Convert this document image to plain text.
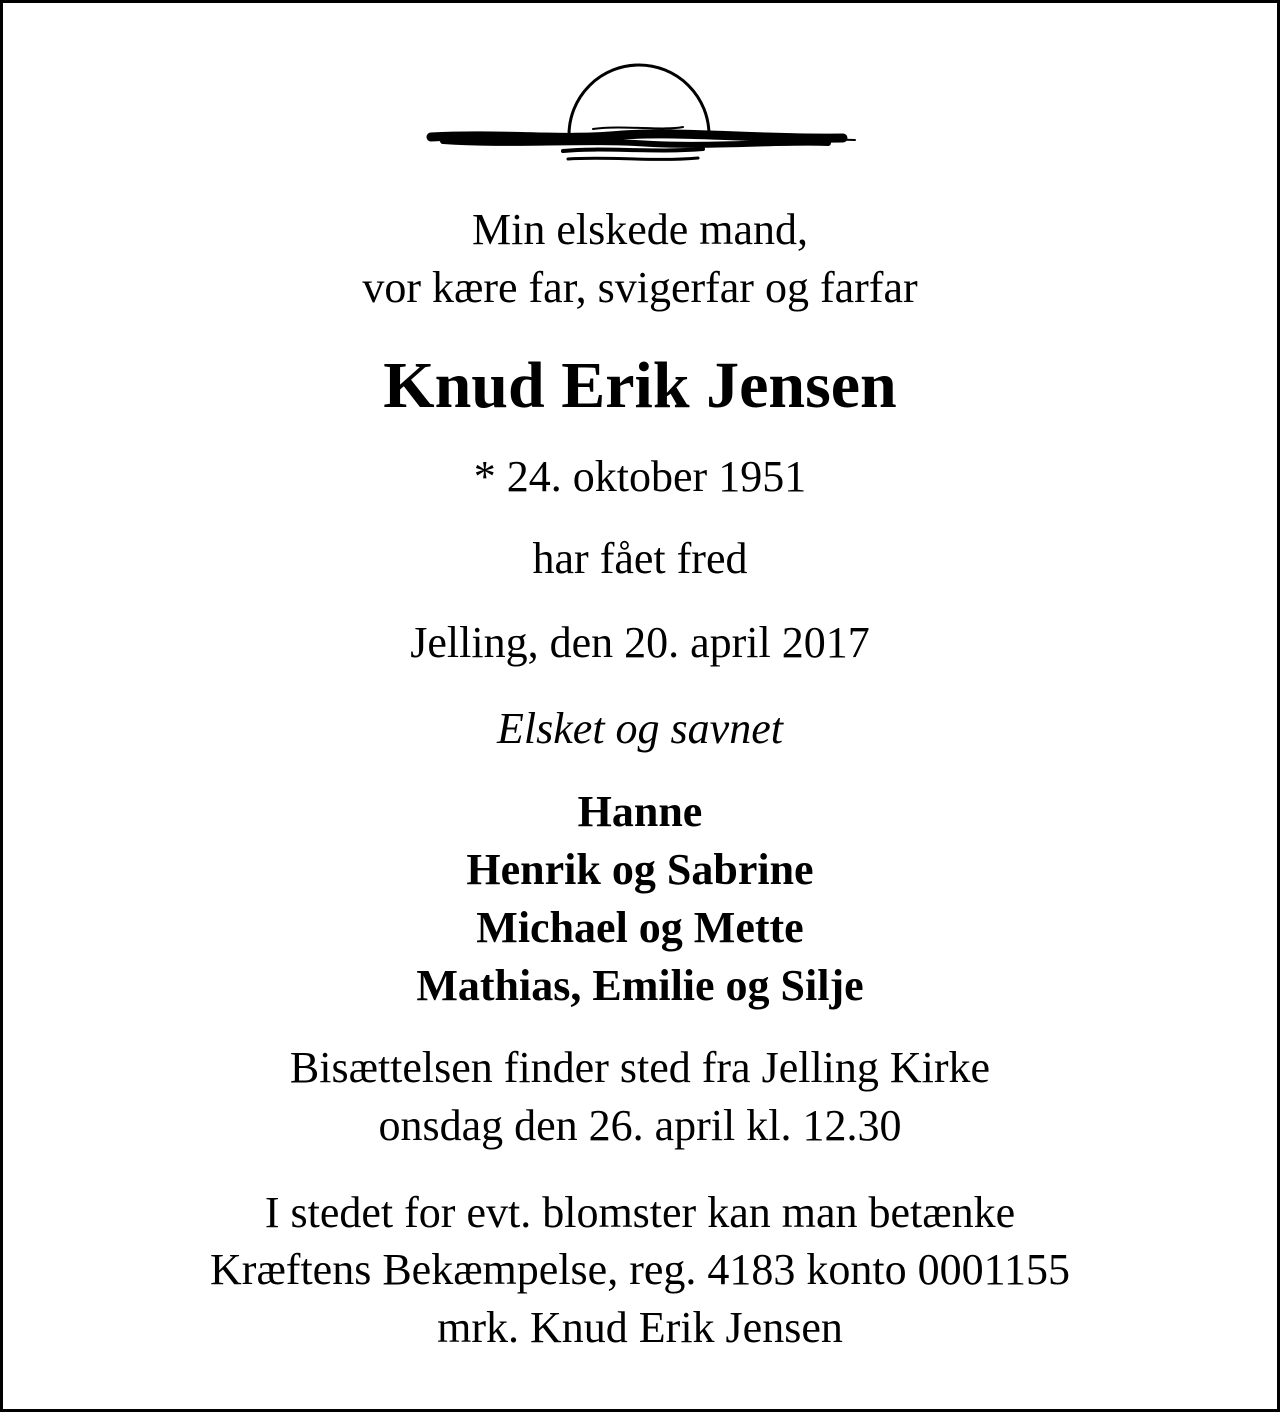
Min elskede mand,
vor kære far, svigerfar og farfar
Knud Erik Jensen
* 24. oktober 1951
har fået fred
Jelling, den 20. april 2017
Elsket og savnet
Hanne
Henrik og Sabrine
Michael og Mette
Mathias, Emilie og Silje
Bisættelsen finder sted fra Jelling Kirke
onsdag den 26. april kl. 12.30
I stedet for evt. blomster kan man betænke
Kræftens Bekæmpelse, reg. 4183 konto 0001155
mrk. Knud Erik Jensen
